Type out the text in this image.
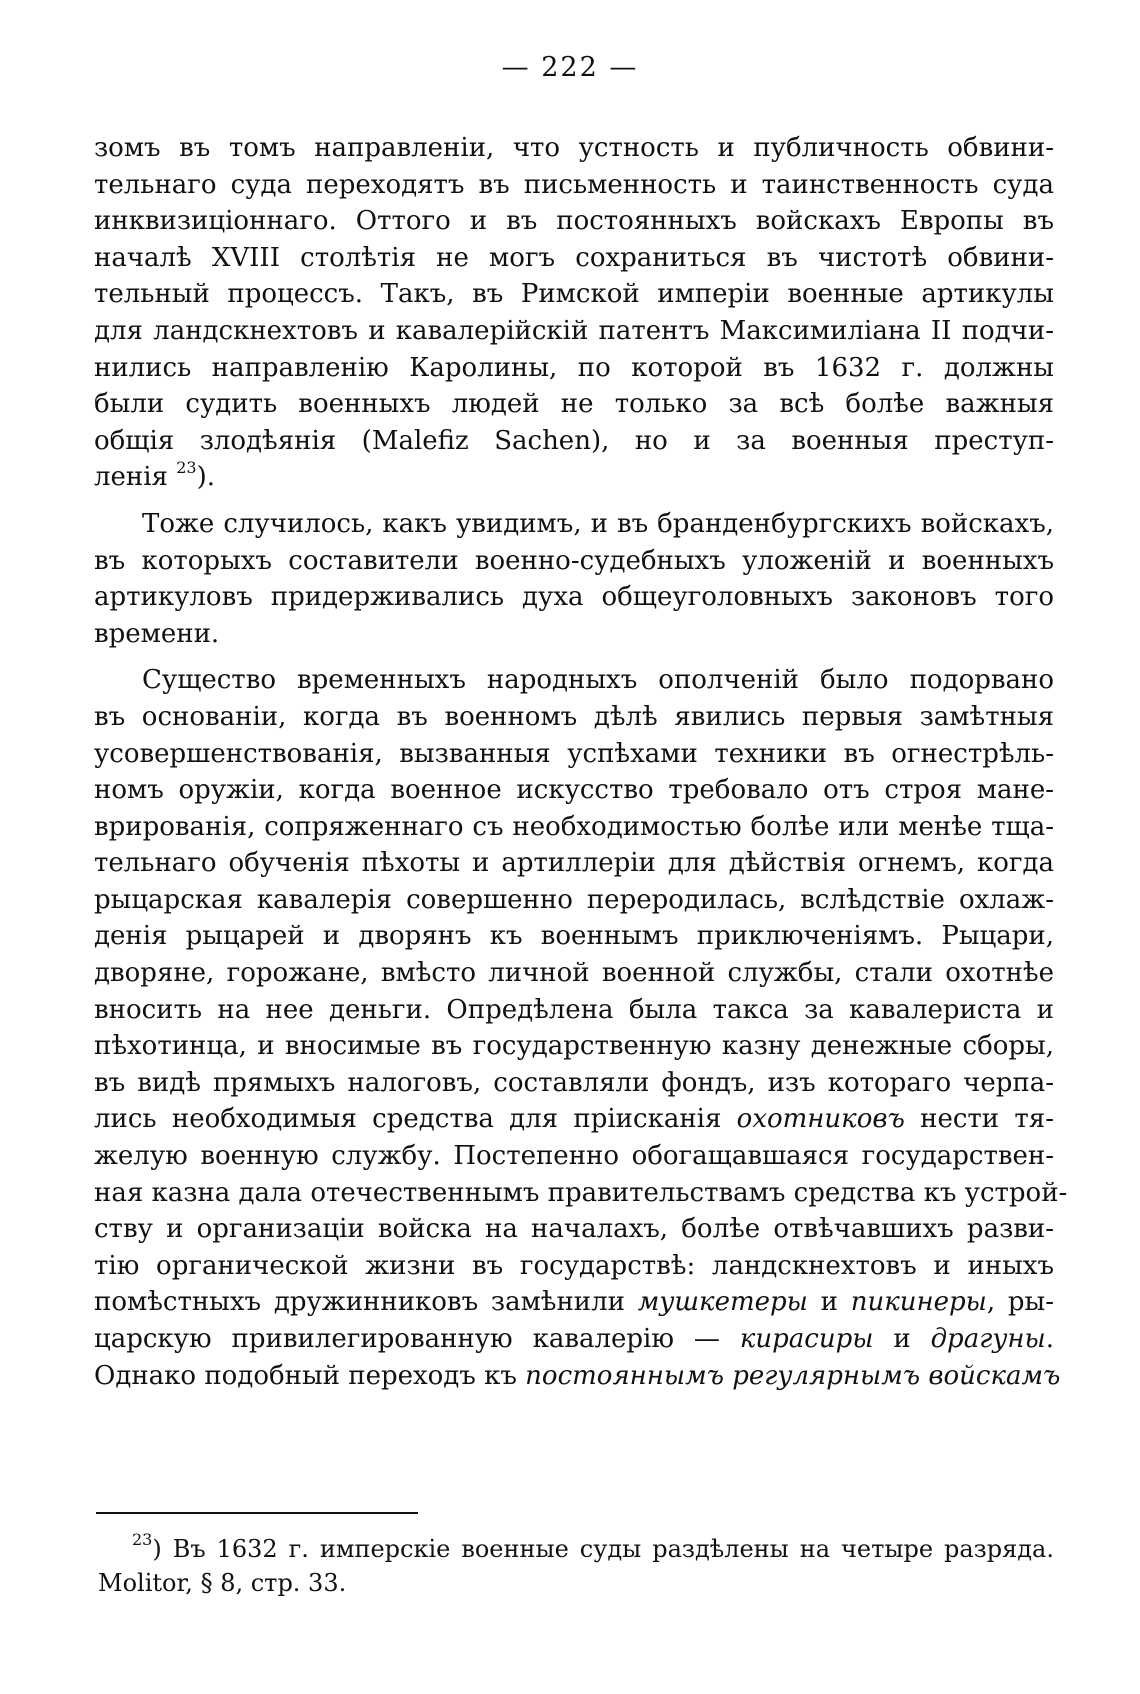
— 222 —
зомъ въ томъ направленiи, что устность и публичность обвини-
тельнаго суда переходятъ въ письменность и таинственность суда
инквизицiоннаго. Оттого и въ постоянныхъ войскахъ Европы въ
началѣ XVIII столѣтiя не могъ сохраниться въ чистотѣ обвини-
тельный процессъ. Такъ, въ Римской имперiи военные артикулы
для ландскнехтовъ и кавалерiйскiй патентъ Максимилiана II подчи-
нились направленiю Каролины, по которой въ 1632 г. должны
были судить военныхъ людей не только за всѣ болѣе важныя
общiя злодѣянiя (Malefiz Sachen), но и за военныя преступ-
ленiя $^{23}$).
Тоже случилось, какъ увидимъ, и въ бранденбургскихъ войскахъ,
въ которыхъ составители военно-судебныхъ уложенiй и военныхъ
артикуловъ придерживались духа общеуголовныхъ законовъ того
времени.
Существо временныхъ народныхъ ополченiй было подорвано
въ основанiи, когда въ военномъ дѣлѣ явились первыя замѣтныя
усовершенствованiя, вызванныя успѣхами техники въ огнестрѣль-
номъ оружiи, когда военное искусство требовало отъ строя мане-
врированiя, сопряженнаго съ необходимостью болѣе или менѣе тща-
тельнаго обученiя пѣхоты и артиллерiи для дѣйствiя огнемъ, когда
рыцарская кавалерiя совершенно переродилась, вслѣдствiе охлаж-
денiя рыцарей и дворянъ къ военнымъ приключенiямъ. Рыцари,
дворяне, горожане, вмѣсто личной военной службы, стали охотнѣе
вносить на нее деньги. Опредѣлена была такса за кавалериста и
пѣхотинца, и вносимые въ государственную казну денежные сборы,
въ видѣ прямыхъ налоговъ, составляли фондъ, изъ котораго черпа-
лись необходимыя средства для прiисканiя охотниковъ нести тя-
желую военную службу. Постепенно обогащавшаяся государствен-
ная казна дала отечественнымъ правительствамъ средства къ устрой-
ству и организацiи войска на началахъ, болѣе отвѣчавшихъ разви-
тiю органической жизни въ государствѣ: ландскнехтовъ и иныхъ
помѣстныхъ дружинниковъ замѣнили мушкетеры и пикинеры, ры-
царскую привилегированную кавалерiю — кирасиры и драгуны.
Однако подобный переходъ къ постояннымъ регулярнымъ войскамъ
$^{23}$) Въ 1632 г. имперскiе военные суды раздѣлены на четыре разряда.
Molitor, § 8, стр. 33.
